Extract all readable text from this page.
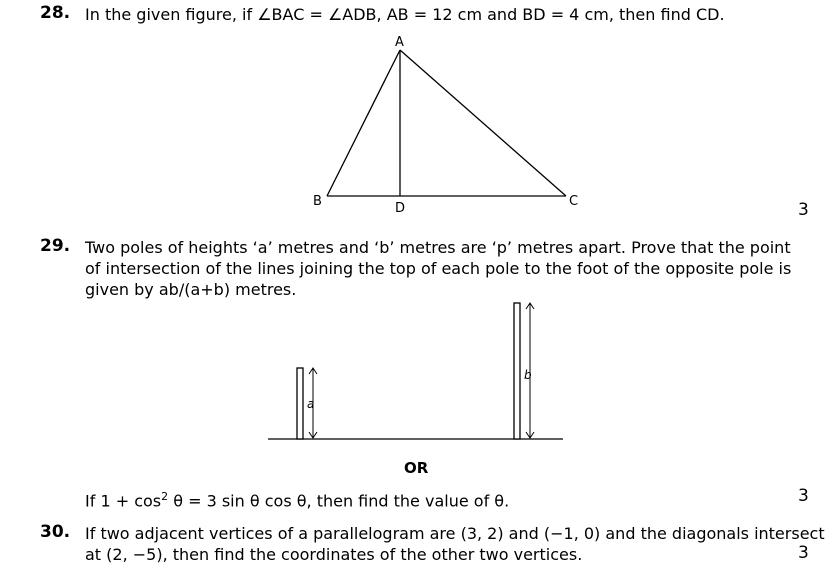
28. In the given figure, if ∠BAC = ∠ADB, AB = 12 cm and BD = 4 cm, then find CD.
A
B	C
D	3
29. Two poles of heights ‘a’ metres and ‘b’ metres are ‘p’ metres apart. Prove that the point
of intersection of the lines joining the top of each pole to the foot of the opposite pole is
given by ab/(a+b) metres.
a
b
OR
If $1 + \cos^2 \theta = 3$ sin θ cos θ, then find the value of θ.	3
30. If two adjacent vertices of a parallelogram are (3, 2) and (−1, 0) and the diagonals intersect
at (2, −5), then find the coordinates of the other two vertices.	3
